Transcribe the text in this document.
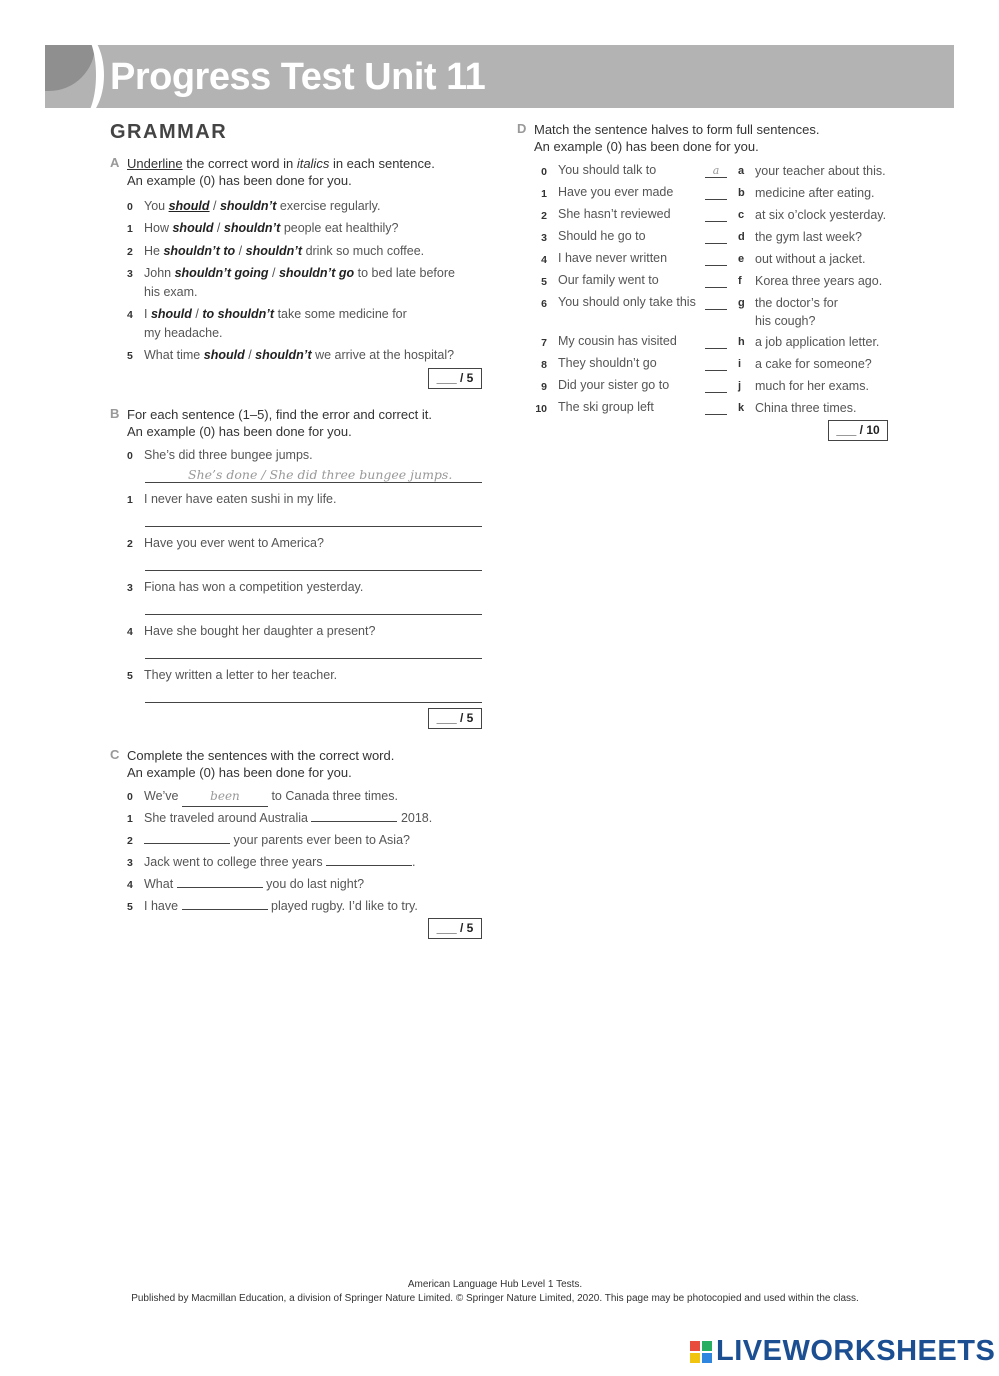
Progress Test Unit 11
GRAMMAR
A Underline the correct word in italics in each sentence.
An example (0) has been done for you.
0 You should / shouldn’t exercise regularly.
1 How should / shouldn’t people eat healthily?
2 He shouldn’t to / shouldn’t drink so much coffee.
3 John shouldn’t going / shouldn’t go to bed late before
his exam.
4 I should / to shouldn’t take some medicine for
my headache.
5 What time should / shouldn’t we arrive at the hospital?
___ / 5
B For each sentence (1–5), find the error and correct it.
An example (0) has been done for you.
0 She’s did three bungee jumps.
She’s done / She did three bungee jumps.
1 I never have eaten sushi in my life.
2 Have you ever went to America?
3 Fiona has won a competition yesterday.
4 Have she bought her daughter a present?
5 They written a letter to her teacher.
___ / 5
C Complete the sentences with the correct word.
An example (0) has been done for you.
0 We’ve been to Canada three times.
1 She traveled around Australia	2018.
2	your parents ever been to Asia?
3 Jack went to college three years	.
4 What	you do last night?
5 I have	played rugby. I’d like to try.
___ / 5
D Match the sentence halves to form full sentences.
An example (0) has been done for you.
0 You should talk to	a	a your teacher about this.
1 Have you ever made	b medicine after eating.
2 She hasn’t reviewed	c at six o’clock yesterday.
3 Should he go to	d the gym last week?
4 I have never written	e out without a jacket.
5 Our family went to	f Korea three years ago.
6 You should only take this	g the doctor’s for
his cough?
7 My cousin has visited	h a job application letter.
8 They shouldn’t go	i a cake for someone?
9 Did your sister go to	j much for her exams.
10 The ski group left	k China three times.
___ / 10
American Language Hub Level 1 Tests.
Published by Macmillan Education, a division of Springer Nature Limited. © Springer Nature Limited, 2020. This page may be photocopied and used within the class.
LIVEWORKSHEETS
